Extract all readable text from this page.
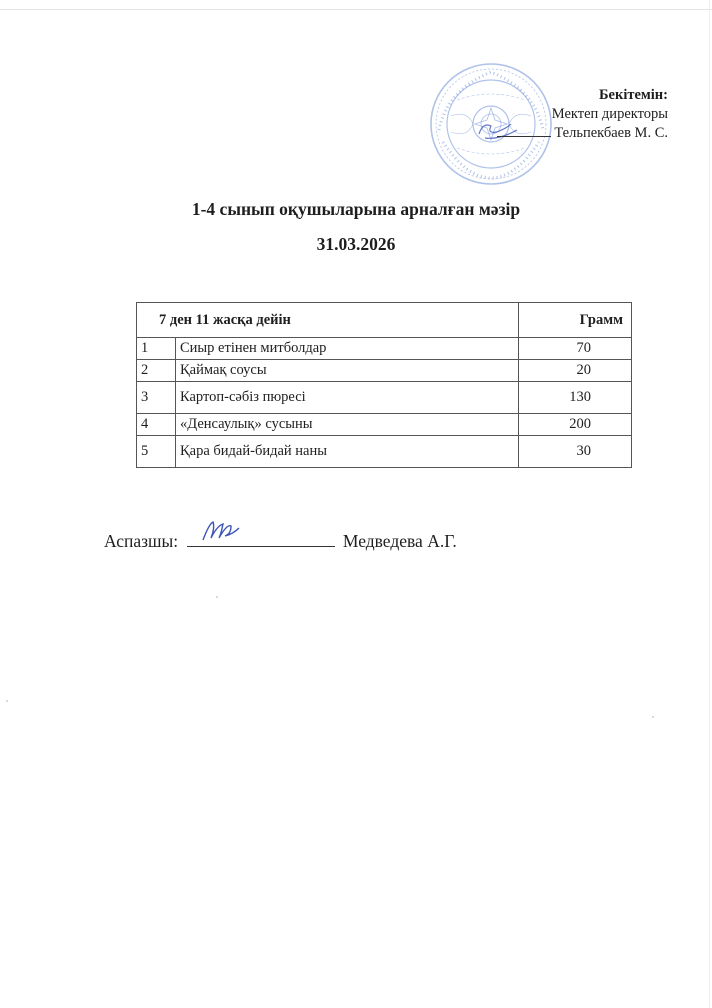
Бекітемін:
Мектеп директоры
Тельпекбаев М. С.
1-4 сынып оқушыларына арналған мәзір
31.03.2026
7 ден 11 жасқа дейін		Грамм
1	Сиыр етінен митболдар	70
2	Қаймақ соусы	20
3	Картоп-сәбіз пюресі	130
4	«Денсаулық» сусыны	200
5	Қара бидай-бидай наны	30
Аспазшы:	Медведева А.Г.
